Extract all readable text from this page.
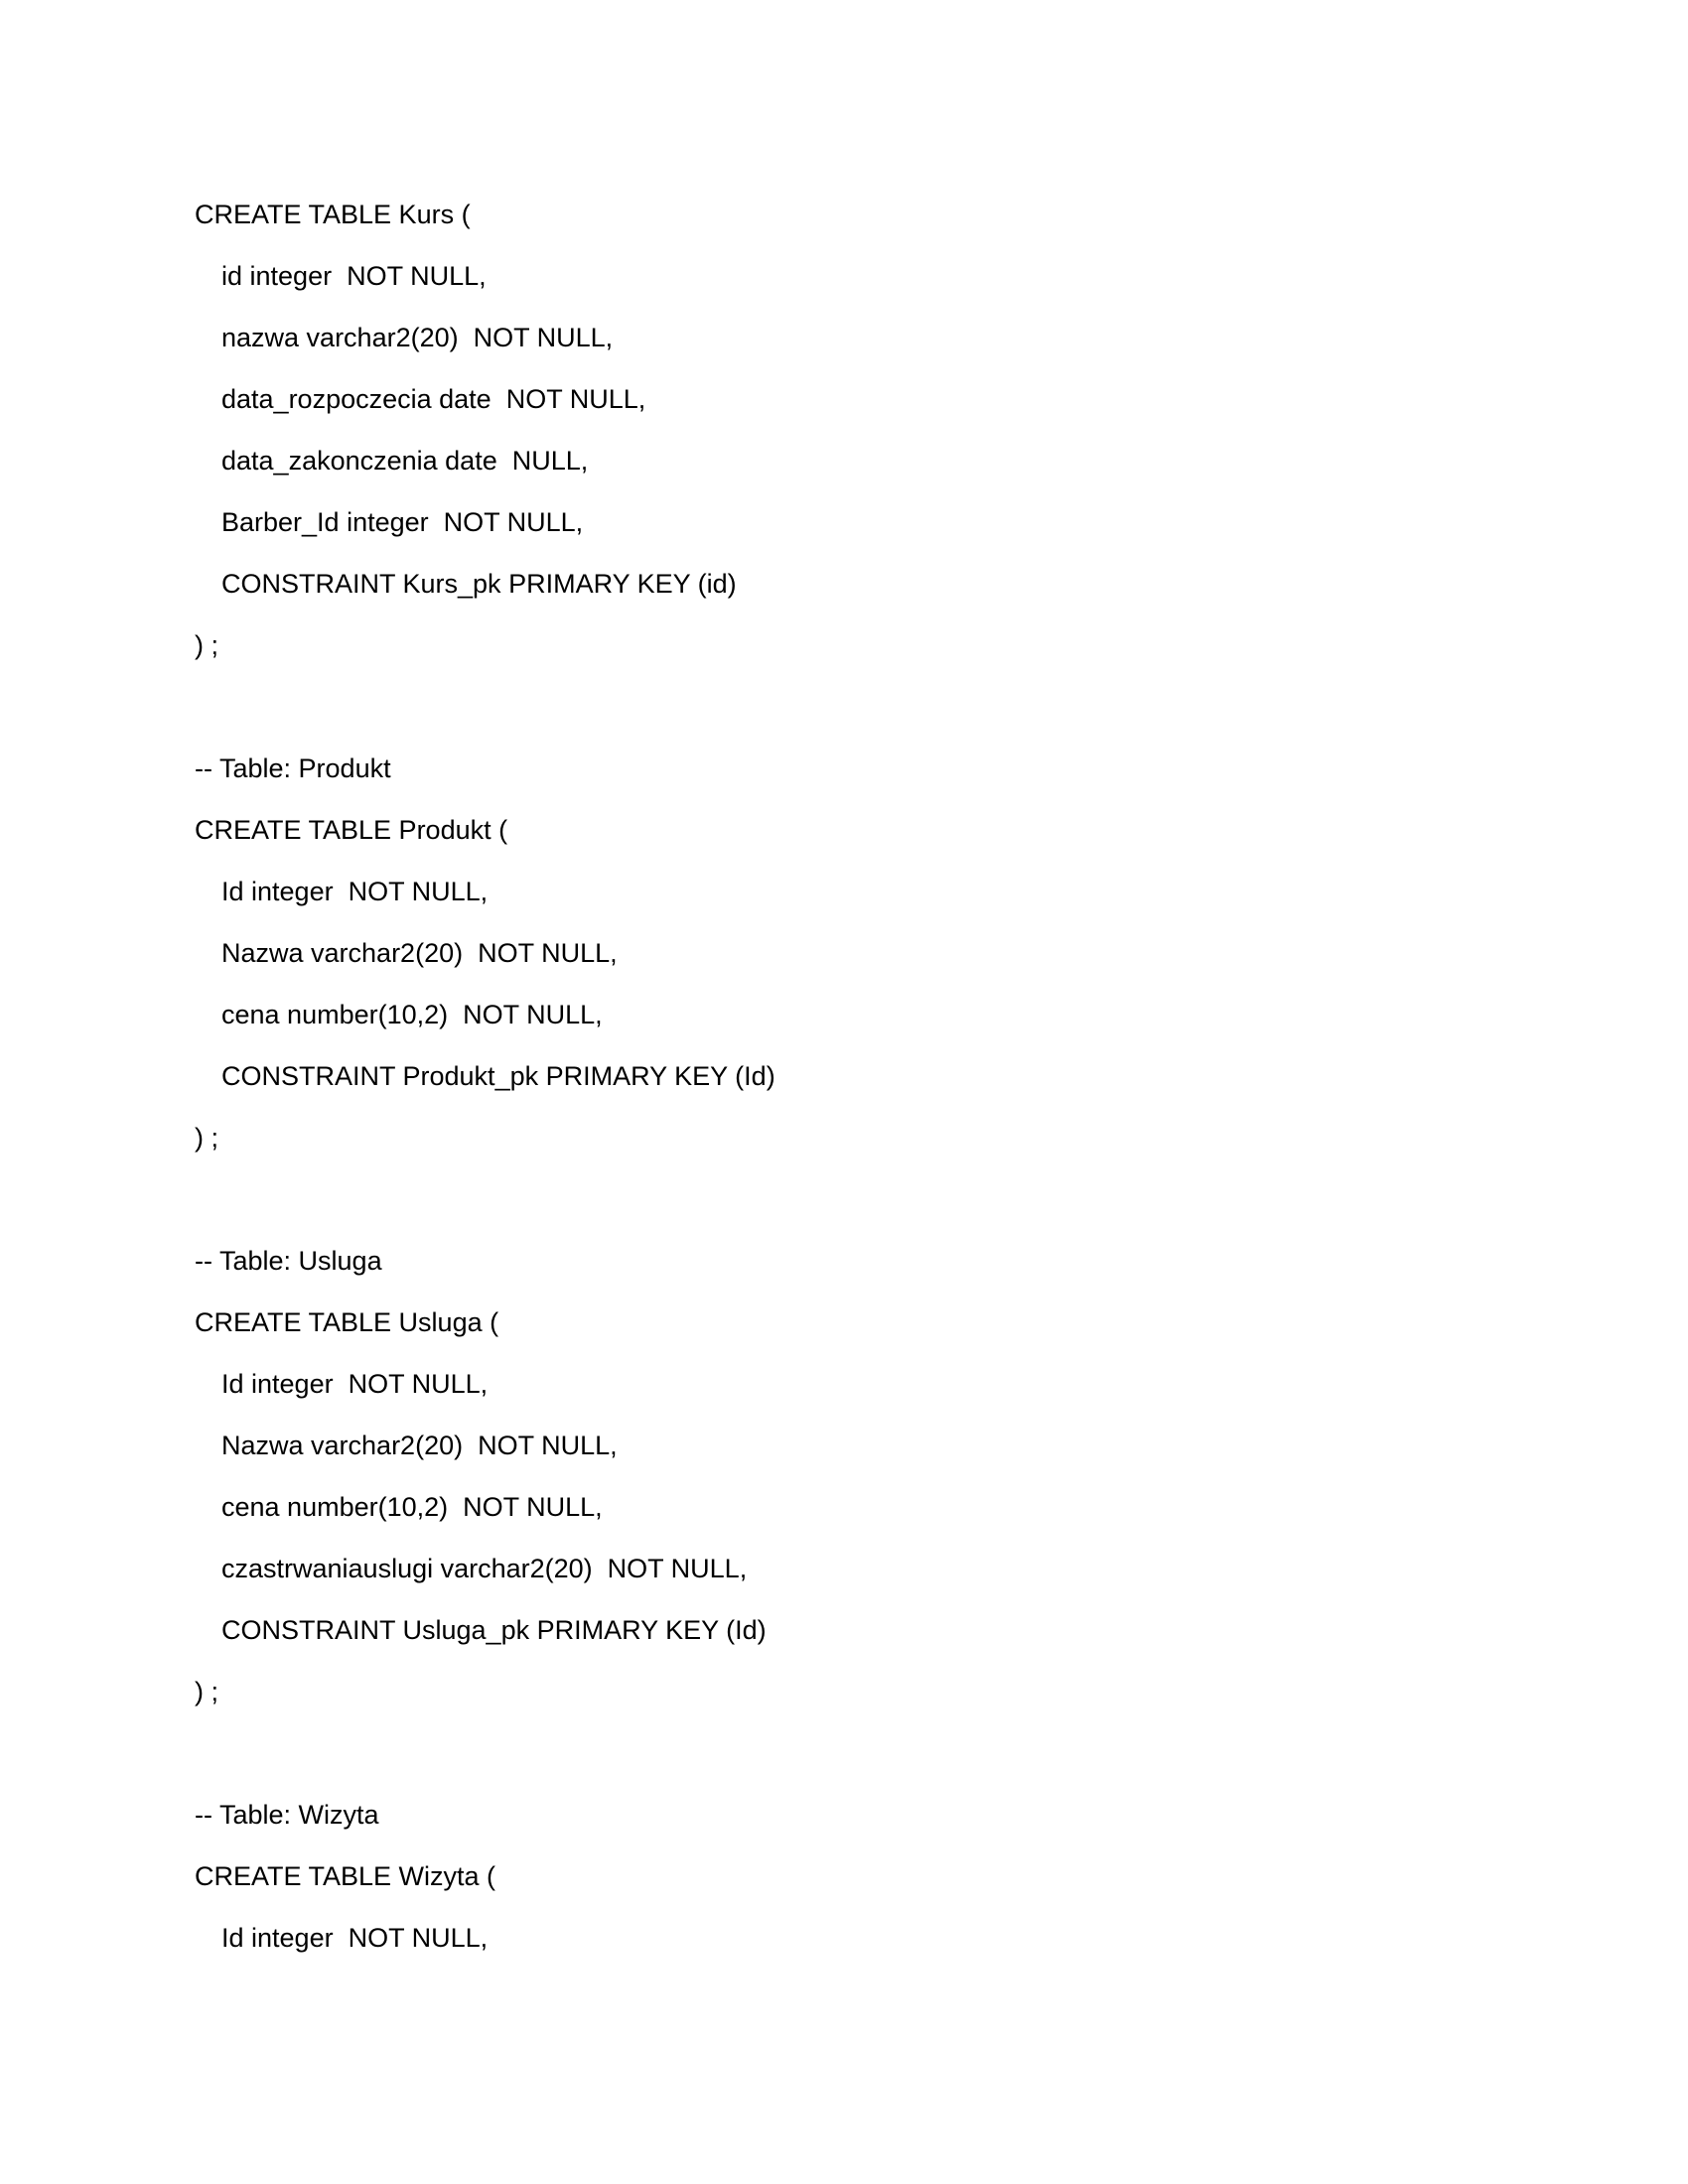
CREATE TABLE Kurs (
id integer  NOT NULL,
nazwa varchar2(20)  NOT NULL,
data_rozpoczecia date  NOT NULL,
data_zakonczenia date  NULL,
Barber_Id integer  NOT NULL,
CONSTRAINT Kurs_pk PRIMARY KEY (id)
) ;
-- Table: Produkt
CREATE TABLE Produkt (
Id integer  NOT NULL,
Nazwa varchar2(20)  NOT NULL,
cena number(10,2)  NOT NULL,
CONSTRAINT Produkt_pk PRIMARY KEY (Id)
) ;
-- Table: Usluga
CREATE TABLE Usluga (
Id integer  NOT NULL,
Nazwa varchar2(20)  NOT NULL,
cena number(10,2)  NOT NULL,
czastrwaniauslugi varchar2(20)  NOT NULL,
CONSTRAINT Usluga_pk PRIMARY KEY (Id)
) ;
-- Table: Wizyta
CREATE TABLE Wizyta (
Id integer  NOT NULL,
